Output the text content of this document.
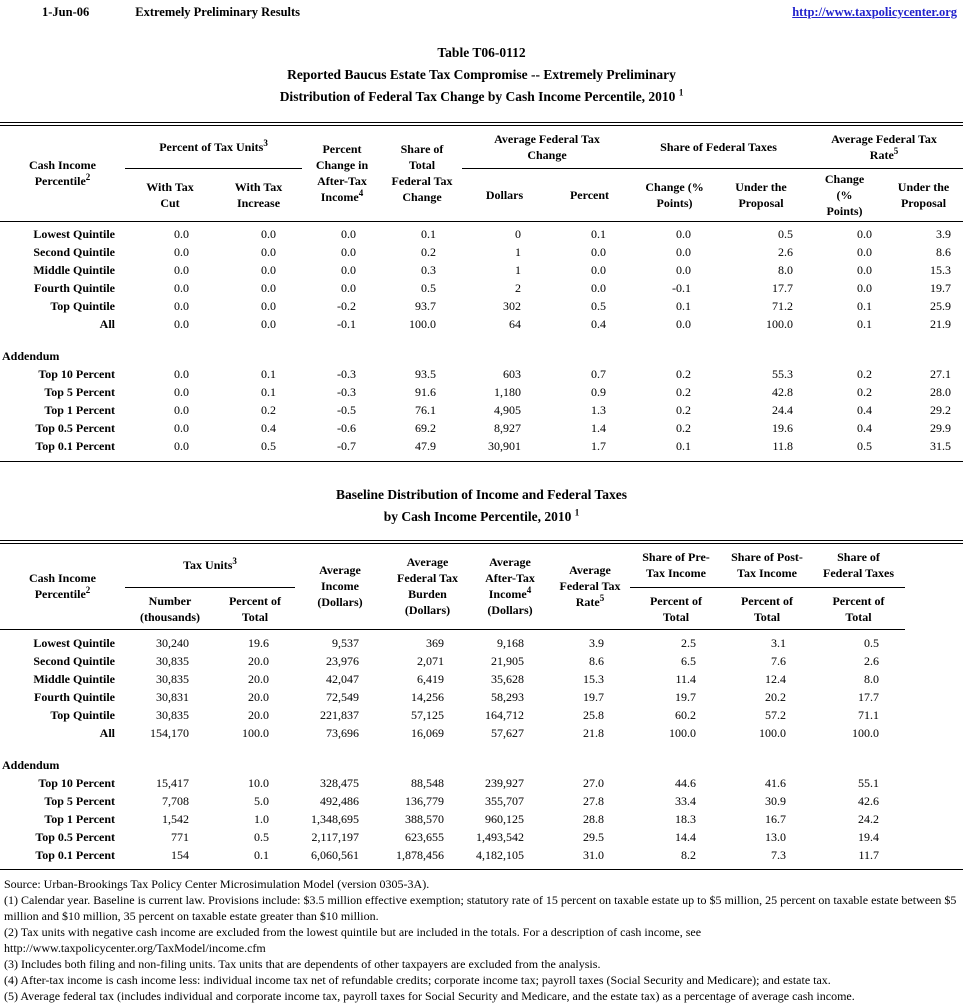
1-Jun-06	Extremely Preliminary Results	http://www.taxpolicycenter.org
Table T06-0112
Reported Baucus Estate Tax Compromise -- Extremely Preliminary
Distribution of Federal Tax Change by Cash Income Percentile, 2010 $^1$
Cash Income Percentile$^2$	Percent of Tax Units$^3$		Percent Change in After-Tax Income$^4$	Share of Total Federal Tax Change	Average Federal Tax Change		Share of Federal Taxes		Average Federal Tax Rate$^5$
	With Tax Cut	With Tax Increase			Dollars	Percent	Change (% Points)	Under the Proposal	Change (% Points)	Under the Proposal

Lowest Quintile	0.0	0.0	0.0	0.1	0	0.1	0.0	0.5	0.0	3.9
Second Quintile	0.0	0.0	0.0	0.2	1	0.0	0.0	2.6	0.0	8.6
Middle Quintile	0.0	0.0	0.0	0.3	1	0.0	0.0	8.0	0.0	15.3
Fourth Quintile	0.0	0.0	0.0	0.5	2	0.0	-0.1	17.7	0.0	19.7
Top Quintile	0.0	0.0	-0.2	93.7	302	0.5	0.1	71.2	0.1	25.9
All	0.0	0.0	-0.1	100.0	64	0.4	0.0	100.0	0.1	21.9

Addendum										
Top 10 Percent	0.0	0.1	-0.3	93.5	603	0.7	0.2	55.3	0.2	27.1
Top 5 Percent	0.0	0.1	-0.3	91.6	1,180	0.9	0.2	42.8	0.2	28.0
Top 1 Percent	0.0	0.2	-0.5	76.1	4,905	1.3	0.2	24.4	0.4	29.2
Top 0.5 Percent	0.0	0.4	-0.6	69.2	8,927	1.4	0.2	19.6	0.4	29.9
Top 0.1 Percent	0.0	0.5	-0.7	47.9	30,901	1.7	0.1	11.8	0.5	31.5

Baseline Distribution of Income and Federal Taxes
by Cash Income Percentile, 2010 $^1$
Cash Income Percentile$^2$	Tax Units$^3$		Average Income (Dollars)	Average Federal Tax Burden (Dollars)	Average After-Tax Income$^4$ (Dollars)	Average Federal Tax Rate$^5$	Share of Pre-Tax Income	Share of Post-Tax Income	Share of Federal Taxes	
	Number (thousands)	Percent of Total					Percent of Total	Percent of Total	Percent of Total	

Lowest Quintile	30,240	19.6	9,537	369	9,168	3.9	2.5	3.1	0.5	
Second Quintile	30,835	20.0	23,976	2,071	21,905	8.6	6.5	7.6	2.6	
Middle Quintile	30,835	20.0	42,047	6,419	35,628	15.3	11.4	12.4	8.0	
Fourth Quintile	30,831	20.0	72,549	14,256	58,293	19.7	19.7	20.2	17.7	
Top Quintile	30,835	20.0	221,837	57,125	164,712	25.8	60.2	57.2	71.1	
All	154,170	100.0	73,696	16,069	57,627	21.8	100.0	100.0	100.0	

Addendum										
Top 10 Percent	15,417	10.0	328,475	88,548	239,927	27.0	44.6	41.6	55.1	
Top 5 Percent	7,708	5.0	492,486	136,779	355,707	27.8	33.4	30.9	42.6	
Top 1 Percent	1,542	1.0	1,348,695	388,570	960,125	28.8	18.3	16.7	24.2	
Top 0.5 Percent	771	0.5	2,117,197	623,655	1,493,542	29.5	14.4	13.0	19.4	
Top 0.1 Percent	154	0.1	6,060,561	1,878,456	4,182,105	31.0	8.2	7.3	11.7	

Source: Urban-Brookings Tax Policy Center Microsimulation Model (version 0305-3A).

(1) Calendar year. Baseline is current law. Provisions include: $3.5 million effective exemption; statutory rate of 15 percent on taxable estate up to $5 million, 25 percent on taxable estate between $5 million and $10 million, 35 percent on taxable estate greater than $10 million.

(2) Tax units with negative cash income are excluded from the lowest quintile but are included in the totals. For a description of cash income, see

http://www.taxpolicycenter.org/TaxModel/income.cfm

(3) Includes both filing and non-filing units. Tax units that are dependents of other taxpayers are excluded from the analysis.

(4) After-tax income is cash income less: individual income tax net of refundable credits; corporate income tax; payroll taxes (Social Security and Medicare); and estate tax.

(5) Average federal tax (includes individual and corporate income tax, payroll taxes for Social Security and Medicare, and the estate tax) as a percentage of average cash income.
